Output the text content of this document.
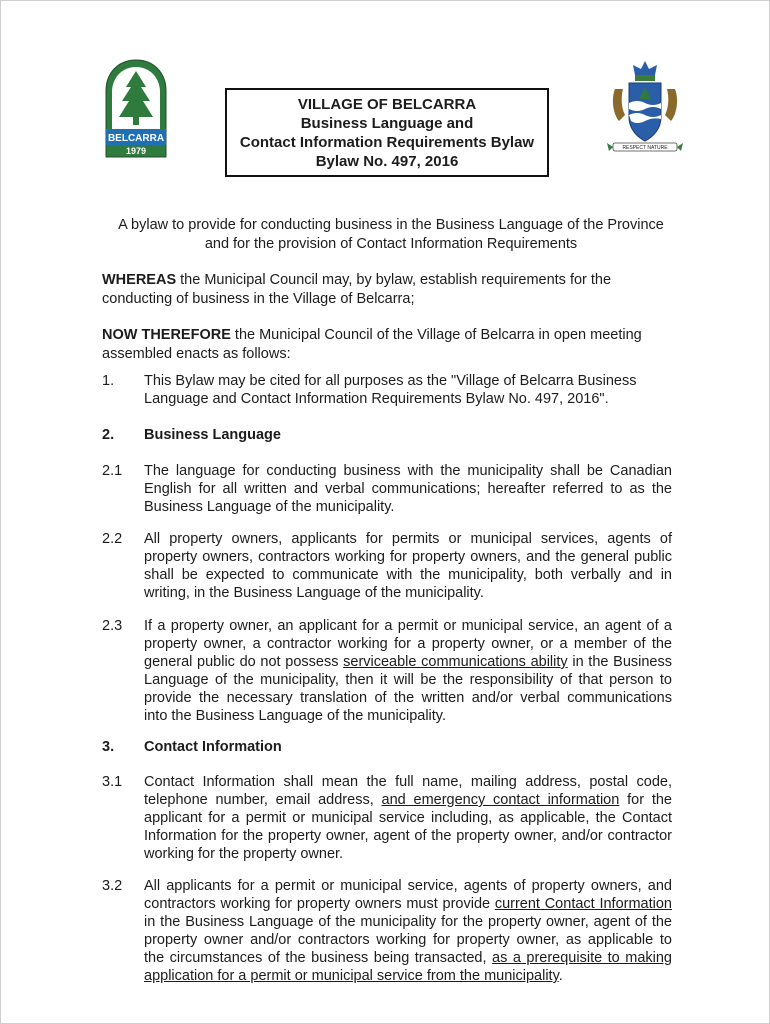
BELCARRA
1979	RESPECT NATURE
VILLAGE OF BELCARRA
Business Language and
Contact Information Requirements Bylaw
Bylaw No. 497, 2016
A bylaw to provide for conducting business in the Business Language of the Province
and for the provision of Contact Information Requirements
WHEREAS the Municipal Council may, by bylaw, establish requirements for the
conducting of business in the Village of Belcarra;
NOW THEREFORE the Municipal Council of the Village of Belcarra in open meeting
assembled enacts as follows:
1. This Bylaw may be cited for all purposes as the "Village of Belcarra Business
Language and Contact Information Requirements Bylaw No. 497, 2016".
2. Business Language
2.1 The language for conducting business with the municipality shall be Canadian
English for all written and verbal communications; hereafter referred to as the
Business Language of the municipality.
2.2 All property owners, applicants for permits or municipal services, agents of
property owners, contractors working for property owners, and the general public
shall be expected to communicate with the municipality, both verbally and in
writing, in the Business Language of the municipality.
2.3 If a property owner, an applicant for a permit or municipal service, an agent of a
property owner, a contractor working for a property owner, or a member of the
general public do not possess serviceable communications ability in the Business
Language of the municipality, then it will be the responsibility of that person to
provide the necessary translation of the written and/or verbal communications
into the Business Language of the municipality.
3. Contact Information
3.1 Contact Information shall mean the full name, mailing address, postal code,
telephone number, email address, and emergency contact information for the
applicant for a permit or municipal service including, as applicable, the Contact
Information for the property owner, agent of the property owner, and/or contractor
working for the property owner.
3.2 All applicants for a permit or municipal service, agents of property owners, and
contractors working for property owners must provide current Contact Information
in the Business Language of the municipality for the property owner, agent of the
property owner and/or contractors working for property owner, as applicable to
the circumstances of the business being transacted, as a prerequisite to making
application for a permit or municipal service from the municipality.
